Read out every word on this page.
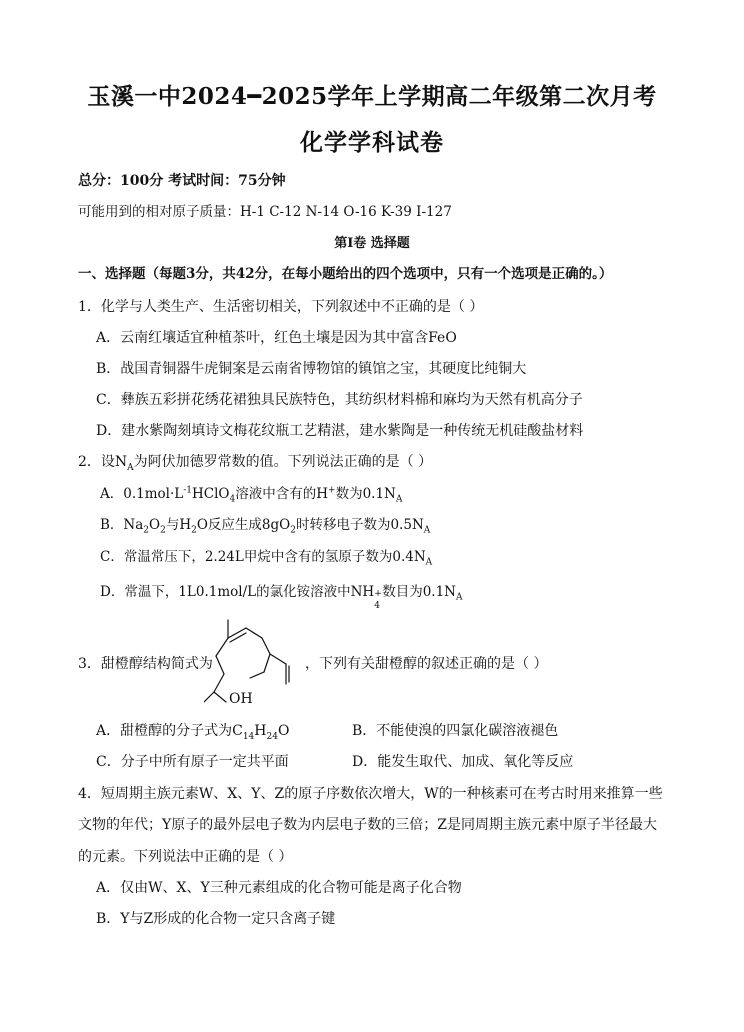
玉溪一中2024━2025学年上学期高二年级第二次月考
化学学科试卷
总分：100分 考试时间：75分钟
可能用到的相对原子质量：H-1 C-12 N-14 O-16 K-39 I-127
第I卷 选择题
一、选择题（每题3分，共42分，在每小题给出的四个选项中，只有一个选项是正确的。）
1．化学与人类生产、生活密切相关，下列叙述中不正确的是（ ）
A．云南红壤适宜种植茶叶，红色土壤是因为其中富含FeO
B．战国青铜器牛虎铜案是云南省博物馆的镇馆之宝，其硬度比纯铜大
C．彝族五彩拼花绣花裙独具民族特色，其纺织材料棉和麻均为天然有机高分子
D．建水紫陶刻填诗文梅花纹瓶工艺精湛，建水紫陶是一种传统无机硅酸盐材料
2．设$N_A$为阿伏加德罗常数的值。下列说法正确的是（ ）
A．$0.1mol\cdot L^{-1}HClO_4$溶液中含有的H+数为$0.1N_A$
B．$Na_2O_2$与$H_2O$反应生成$8gO_2$时转移电子数为$0.5N_A$
C．常温常压下，2.24L甲烷中含有的氢原子数为$0.4N_A$
D．常温下，1L0.1mol/L的氯化铵溶液中NH +
4
数目为$0.1N_A$
3．甜橙醇结构简式为
OH
，下列有关甜橙醇的叙述正确的是（ ）
A．甜橙醇的分子式为$C_{14}H_{24}O$	B．不能使溴的四氯化碳溶液褪色
C．分子中所有原子一定共平面	D．能发生取代、加成、氧化等反应
4．短周期主族元素W、X、Y、Z的原子序数依次增大，W的一种核素可在考古时用来推算一些
文物的年代；Y原子的最外层电子数为内层电子数的三倍；Z是同周期主族元素中原子半径最大
的元素。下列说法中正确的是（ ）
A．仅由W、X、Y三种元素组成的化合物可能是离子化合物
B．Y与Z形成的化合物一定只含离子键
